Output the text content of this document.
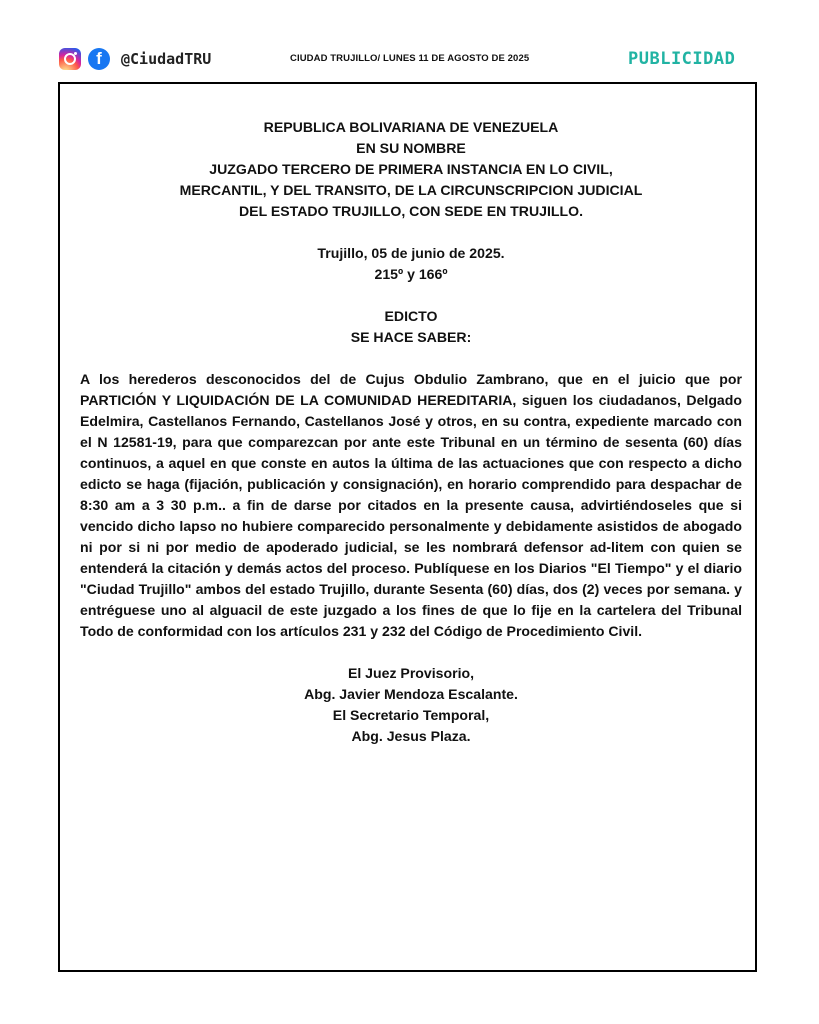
f	@CiudadTRU	CIUDAD TRUJILLO/ LUNES 11 DE AGOSTO DE 2025	PUBLICIDAD
REPUBLICA BOLIVARIANA DE VENEZUELA
EN SU NOMBRE
JUZGADO TERCERO DE PRIMERA INSTANCIA EN LO CIVIL,
MERCANTIL, Y DEL TRANSITO, DE LA CIRCUNSCRIPCION JUDICIAL
DEL ESTADO TRUJILLO, CON SEDE EN TRUJILLO.
Trujillo, 05 de junio de 2025.
215º y 166º
EDICTO
SE HACE SABER:

A los herederos desconocidos del de Cujus Obdulio Zambrano, que en el juicio que por PARTICIÓN Y LIQUIDACIÓN DE LA COMUNIDAD HEREDITARIA, siguen los ciudadanos, Delgado Edelmira, Castellanos Fernando, Castellanos José y otros, en su contra, expediente marcado con el N 12581-19, para que comparezcan por ante este Tribunal en un término de sesenta (60) días continuos, a aquel en que conste en autos la última de las actuaciones que con respecto a dicho edicto se haga (fijación, publicación y consignación), en horario comprendido para despachar de 8:30 am a 3 30 p.m.. a fin de darse por citados en la presente causa, advirtiéndoseles que si vencido dicho lapso no hubiere comparecido personalmente y debidamente asistidos de abogado ni por si ni por medio de apoderado judicial, se les nombrará defensor ad-litem con quien se entenderá la citación y demás actos del proceso. Publíquese en los Diarios "El Tiempo" y el diario "Ciudad Trujillo" ambos del estado Trujillo, durante Sesenta (60) días, dos (2) veces por semana. y entréguese uno al alguacil de este juzgado a los fines de que lo fije en la cartelera del Tribunal Todo de conformidad con los artículos 231 y 232 del Código de Procedimiento Civil.

El Juez Provisorio,
Abg. Javier Mendoza Escalante.
El Secretario Temporal,
Abg. Jesus Plaza.
